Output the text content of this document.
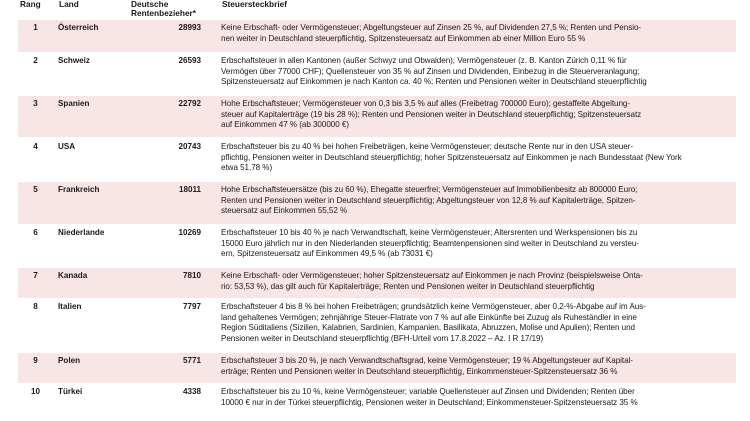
Rang Land	Deutsche
Rentenbezieher*
Steuersteckbrief
1	Österreich	28993 Keine Erbschaft- oder Vermögensteuer; Abgeltungsteuer auf Zinsen 25 %, auf Dividenden 27,5 %; Renten und Pensio-
nen weiter in Deutschland steuerpflichtig, Spitzensteuersatz auf Einkommen ab einer Million Euro 55 %
2	Schweiz	26593 Erbschaftsteuer in allen Kantonen (außer Schwyz und Obwalden); Vermögensteuer (z. B. Kanton Zürich 0,11 % für
Vermögen über 77000 CHF); Quellensteuer von 35 % auf Zinsen und Dividenden, Einbezug in die Steuerveranlagung;
Spitzensteuersatz auf Einkommen je nach Kanton ca. 40 %; Renten und Pensionen weiter in Deutschland steuerpflichtig
3	Spanien	22792 Hohe Erbschaftsteuer; Vermögensteuer von 0,3 bis 3,5 % auf alles (Freibetrag 700000 Euro); gestaffelte Abgeltung-
steuer auf Kapitalerträge (19 bis 28 %); Renten und Pensionen weiter in Deutschland steuerpflichtig; Spitzensteuersatz
auf Einkommen 47 % (ab 300000 €)
4	USA	20743 Erbschaftsteuer bis zu 40 % bei hohen Freibeträgen, keine Vermögensteuer; deutsche Rente nur in den USA steuer-
pflichtig, Pensionen weiter in Deutschland steuerpflichtig; hoher Spitzensteuersatz auf Einkommen je nach Bundesstaat (New York
etwa 51,78 %)
5	Frankreich	18011 Hohe Erbschaftsteuersätze (bis zu 60 %), Ehegatte steuerfrei; Vermögensteuer auf Immobilienbesitz ab 800000 Euro;
Renten und Pensionen weiter in Deutschland steuerpflichtig; Abgeltungsteuer von 12,8 % auf Kapitalerträge, Spitzen-
steuersatz auf Einkommen 55,52 %
6	Niederlande	10269 Erbschaftsteuer 10 bis 40 % je nach Verwandtschaft, keine Vermögensteuer; Altersrenten und Werkspensionen bis zu
15000 Euro jährlich nur in den Niederlanden steuerpflichtig; Beamtenpensionen sind weiter in Deutschland zu versteu-
ern, Spitzensteuersatz auf Einkommen 49,5 % (ab 73031 €)
7	Kanada	7810 Keine Erbschaft- oder Vermögensteuer; hoher Spitzensteuersatz auf Einkommen je nach Provinz (beispielsweise Onta-
rio: 53,53 %), das gilt auch für Kapitalerträge; Renten und Pensionen weiter in Deutschland steuerpflichtig
8	Italien	7797 Erbschaftsteuer 4 bis 8 % bei hohen Freibeträgen; grundsätzlich keine Vermögensteuer, aber 0,2-%-Abgabe auf im Aus-
land gehaltenes Vermögen; zehnjährige Steuer-Flatrate von 7 % auf alle Einkünfte bei Zuzug als Ruheständler in eine
Region Süditaliens (Sizilien, Kalabrien, Sardinien, Kampanien, Basilikata, Abruzzen, Molise und Apulien); Renten und
Pensionen weiter in Deutschland steuerpflichtig (BFH-Urteil vom 17.8.2022 – Az. I R 17/19)
9	Polen	5771 Erbschaftsteuer 3 bis 20 %, je nach Verwandtschaftsgrad, keine Vermögensteuer; 19 % Abgeltungsteuer auf Kapital-
erträge; Renten und Pensionen weiter in Deutschland steuerpflichtig, Einkommensteuer-Spitzensteuersatz 36 %
10	Türkei	4338 Erbschaftsteuer bis zu 10 %, keine Vermögensteuer; variable Quellensteuer auf Zinsen und Dividenden; Renten über
10000 € nur in der Türkei steuerpflichtig, Pensionen weiter in Deutschland; Einkommensteuer-Spitzensteuersatz 35 %
